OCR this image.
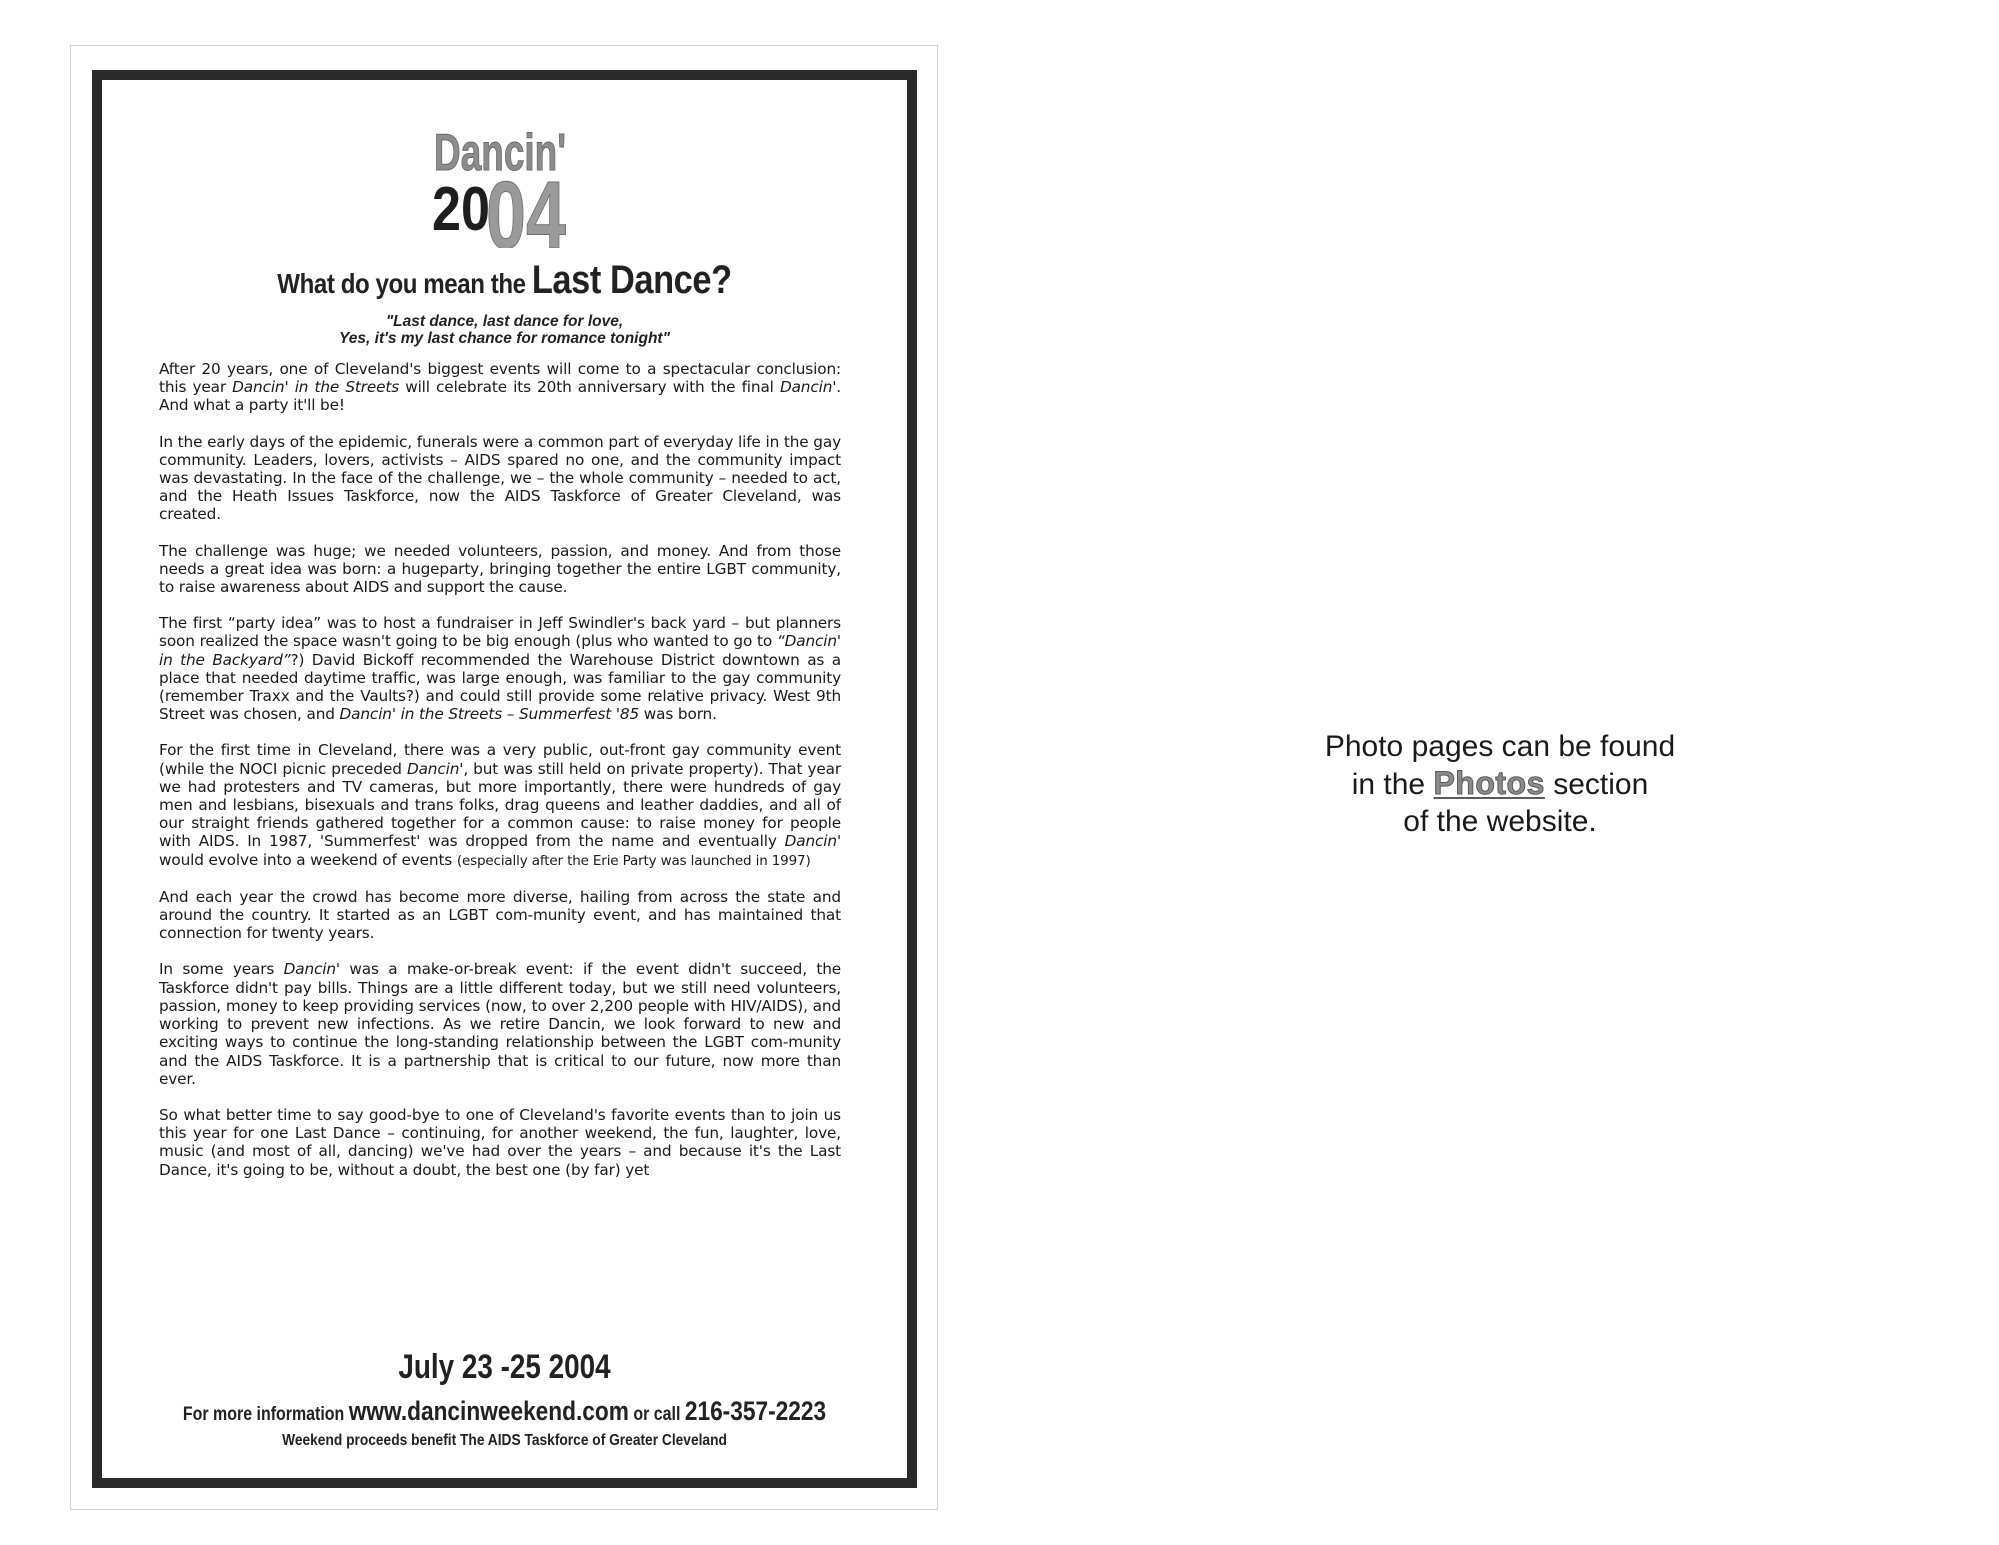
Dancin'
20
04
What do you mean the Last Dance?
"Last dance, last dance for love,
Yes, it's my last chance for romance tonight"

After 20 years, one of Cleveland's biggest events will come to a spectacular conclusion: this year Dancin' in the Streets will celebrate its 20th anniversary with the final Dancin'. And what a party it'll be!

In the early days of the epidemic, funerals were a common part of everyday life in the gay community. Leaders, lovers, activists – AIDS spared no one, and the community impact was devastating. In the face of the challenge, we – the whole community – needed to act, and the Heath Issues Taskforce, now the AIDS Taskforce of Greater Cleveland, was created.

The challenge was huge; we needed volunteers, passion, and money. And from those needs a great idea was born: a hugeparty, bringing together the entire LGBT community, to raise awareness about AIDS and support the cause.

The first “party idea” was to host a fundraiser in Jeff Swindler's back yard – but planners soon realized the space wasn't going to be big enough (plus who wanted to go to “Dancin' in the Backyard”?) David Bickoff recommended the Warehouse District downtown as a place that needed daytime traffic, was large enough, was familiar to the gay community (remember Traxx and the Vaults?) and could still provide some relative privacy. West 9th Street was chosen, and Dancin' in the Streets – Summerfest '85 was born.

For the first time in Cleveland, there was a very public, out-front gay community event (while the NOCI picnic preceded Dancin', but was still held on private property). That year we had protesters and TV cameras, but more importantly, there were hundreds of gay men and lesbians, bisexuals and trans folks, drag queens and leather daddies, and all of our straight friends gathered together for a common cause: to raise money for people with AIDS. In 1987, 'Summerfest' was dropped from the name and eventually Dancin' would evolve into a weekend of events (especially after the Erie Party was launched in 1997)

And each year the crowd has become more diverse, hailing from across the state and around the country. It started as an LGBT com-munity event, and has maintained that connection for twenty years.

In some years Dancin' was a make-or-break event: if the event didn't succeed, the Taskforce didn't pay bills. Things are a little different today, but we still need volunteers, passion, money to keep providing services (now, to over 2,200 people with HIV/AIDS), and working to prevent new infections. As we retire Dancin, we look forward to new and exciting ways to continue the long-standing relationship between the LGBT com-munity and the AIDS Taskforce. It is a partnership that is critical to our future, now more than ever.

So what better time to say good-bye to one of Cleveland's favorite events than to join us this year for one Last Dance – continuing, for another weekend, the fun, laughter, love, music (and most of all, dancing) we've had over the years – and because it's the Last Dance, it's going to be, without a doubt, the best one (by far) yet

July 23 -25 2004
For more information www.dancinweekend.com or call 216-357-2223
Weekend proceeds benefit The AIDS Taskforce of Greater Cleveland
Photo pages can be found
in the Photos section
of the website.
